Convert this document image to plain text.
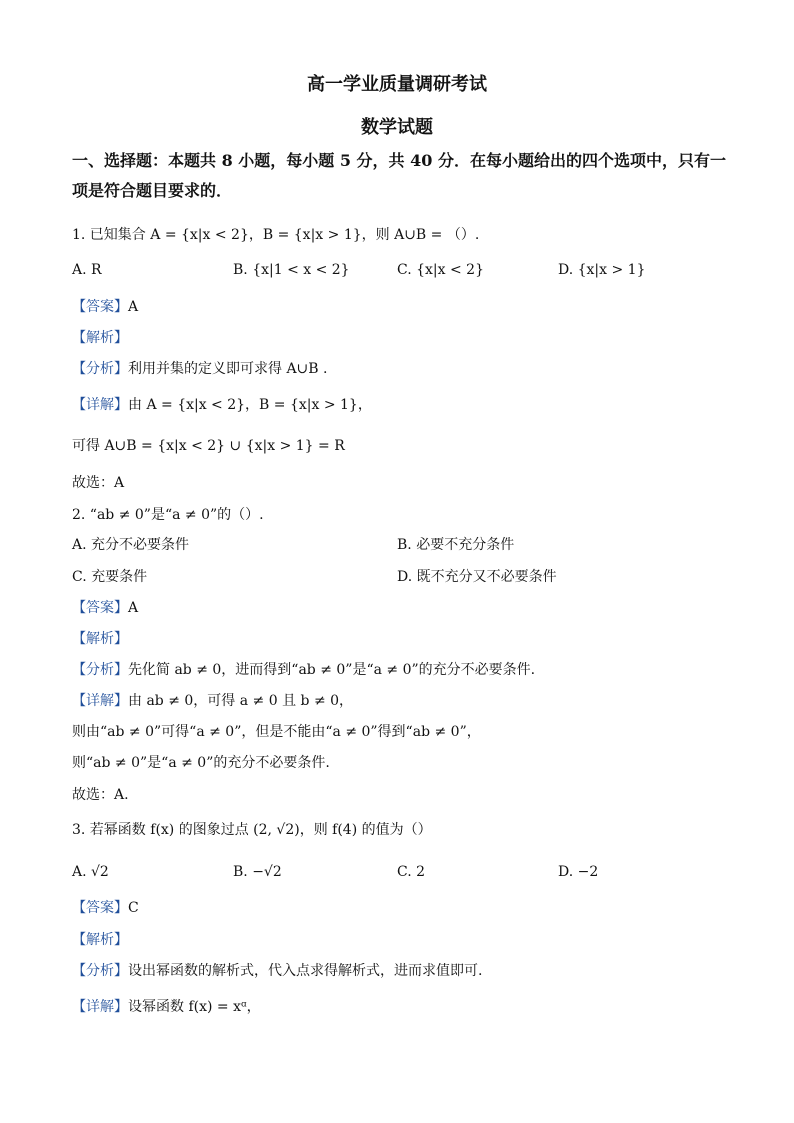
高一学业质量调研考试
数学试题
一、选择题：本题共 8 小题，每小题 5 分，共 40 分．在每小题给出的四个选项中，只有一项是符合题目要求的．
1. 已知集合 A = {x|x < 2}，B = {x|x > 1}，则 A∪B = （）.
A. R	B. {x|1 < x < 2}	C. {x|x < 2}	D. {x|x > 1}
【答案】A
【解析】
【分析】利用并集的定义即可求得 A∪B .
【详解】由 A = {x|x < 2}，B = {x|x > 1}，
可得 A∪B = {x|x < 2} ∪ {x|x > 1} = R
故选：A
2. “ab ≠ 0”是“a ≠ 0”的（）.
A. 充分不必要条件	B. 必要不充分条件
C. 充要条件	D. 既不充分又不必要条件
【答案】A
【解析】
【分析】先化简 ab ≠ 0，进而得到“ab ≠ 0”是“a ≠ 0”的充分不必要条件.
【详解】由 ab ≠ 0，可得 a ≠ 0 且 b ≠ 0，
则由“ab ≠ 0”可得“a ≠ 0”，但是不能由“a ≠ 0”得到“ab ≠ 0”，
则“ab ≠ 0”是“a ≠ 0”的充分不必要条件.
故选：A.
3. 若幂函数 f(x) 的图象过点 (2, √2)，则 f(4) 的值为（）
A. √2	B. −√2	C. 2	D. −2
【答案】C
【解析】
【分析】设出幂函数的解析式，代入点求得解析式，进而求值即可.
【详解】设幂函数 f(x) = xᵅ，
